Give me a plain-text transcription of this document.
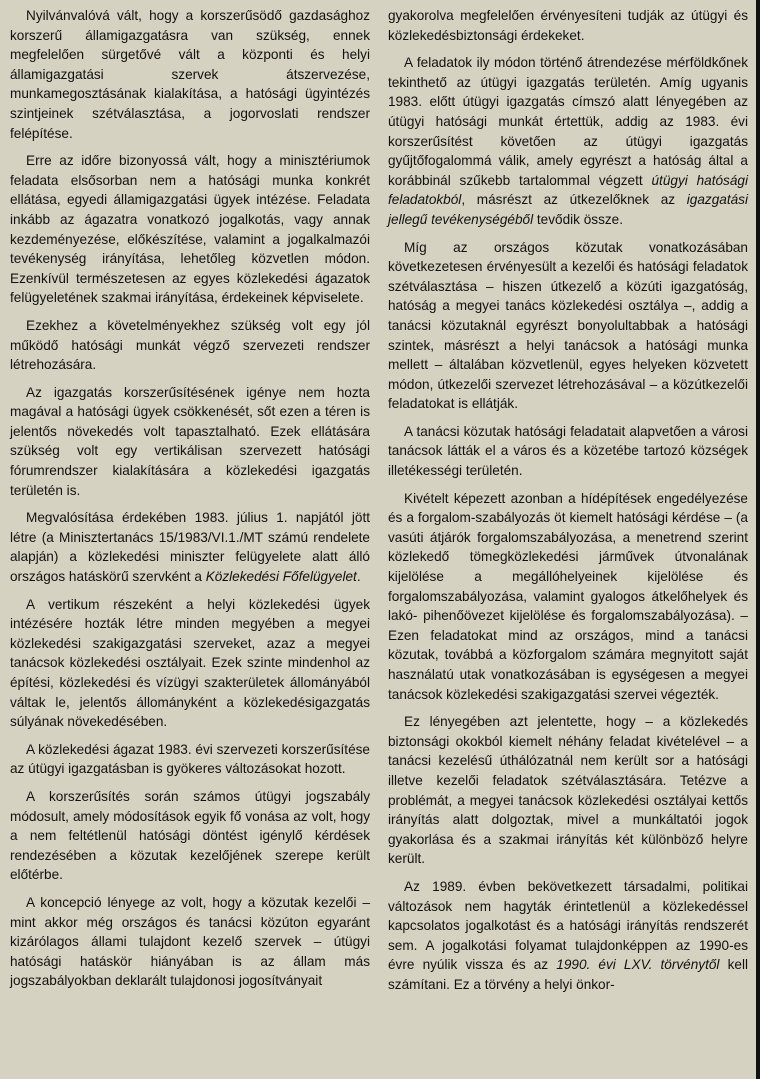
Nyilvánvalóvá vált, hogy a korszerűsödő gazdasághoz korszerű államigazgatásra van szükség, ennek megfelelően sürgetővé vált a központi és helyi államigazgatási szervek átszervezése, munkamegosztásának kialakítása, a hatósági ügyintézés szintjeinek szétválasztása, a jogorvoslati rendszer felépítése.

Erre az időre bizonyossá vált, hogy a minisztériumok feladata elsősorban nem a hatósági munka konkrét ellátása, egyedi államigazgatási ügyek intézése. Feladata inkább az ágazatra vonatkozó jogalkotás, vagy annak kezdeményezése, előkészítése, valamint a jogalkalmazói tevékenység irányítása, lehetőleg közvetlen módon. Ezenkívül természetesen az egyes közlekedési ágazatok felügyeletének szakmai irányítása, érdekeinek képviselete.

Ezekhez a követelményekhez szükség volt egy jól működő hatósági munkát végző szervezeti rendszer létrehozására.

Az igazgatás korszerűsítésének igénye nem hozta magával a hatósági ügyek csökkenését, sőt ezen a téren is jelentős növekedés volt tapasztalható. Ezek ellátására szükség volt egy vertikálisan szervezett hatósági fórumrendszer kialakítására a közlekedési igazgatás területén is.

Megvalósítása érdekében 1983. július 1. napjától jött létre (a Minisztertanács 15/1983/VI.1./MT számú rendelete alapján) a közlekedési miniszter felügyelete alatt álló országos hatáskörű szervként a Közlekedési Főfelügyelet.

A vertikum részeként a helyi közlekedési ügyek intézésére hozták létre minden megyében a megyei közlekedési szakigazgatási szerveket, azaz a megyei tanácsok közlekedési osztályait. Ezek szinte mindenhol az építési, közlekedési és vízügyi szakterületek állományából váltak le, jelentős állományként a közlekedésigazgatás súlyának növekedésében.

A közlekedési ágazat 1983. évi szervezeti korszerűsítése az útügyi igazgatásban is gyökeres változásokat hozott.

A korszerűsítés során számos útügyi jogszabály módosult, amely módosítások egyik fő vonása az volt, hogy a nem feltétlenül hatósági döntést igénylő kérdések rendezésében a közutak kezelőjének szerepe került előtérbe.

A koncepció lényege az volt, hogy a közutak kezelői – mint akkor még országos és tanácsi közúton egyaránt kizárólagos állami tulajdont kezelő szervek – útügyi hatósági hatáskör hiányában is az állam más jogszabályokban deklarált tulajdonosi jogosítványait

gyakorolva megfelelően érvényesíteni tudják az útügyi és közlekedésbiztonsági érdekeket.

A feladatok ily módon történő átrendezése mérföldkőnek tekinthető az útügyi igazgatás területén. Amíg ugyanis 1983. előtt útügyi igazgatás címszó alatt lényegében az útügyi hatósági munkát értettük, addig az 1983. évi korszerűsítést követően az útügyi igazgatás gyűjtőfogalommá válik, amely egyrészt a hatóság által a korábbinál szűkebb tartalommal végzett útügyi hatósági feladatokból, másrészt az útkezelőknek az igazgatási jellegű tevékenységéből tevődik össze.

Míg az országos közutak vonatkozásában következetesen érvényesült a kezelői és hatósági feladatok szétválasztása – hiszen útkezelő a közúti igazgatóság, hatóság a megyei tanács közlekedési osztálya –, addig a tanácsi közutaknál egyrészt bonyolultabbak a hatósági szintek, másrészt a helyi tanácsok a hatósági munka mellett – általában közvetlenül, egyes helyeken közvetett módon, útkezelői szervezet létrehozásával – a közútkezelői feladatokat is ellátják.

A tanácsi közutak hatósági feladatait alapvetően a városi tanácsok látták el a város és a közetébe tartozó községek illetékességi területén.

Kivételt képezett azonban a hídépítések engedélyezése és a forgalom-szabályozás öt kiemelt hatósági kérdése – (a vasúti átjárók forgalomszabályozása, a menetrend szerint közlekedő tömegközlekedési járművek útvonalának kijelölése a megállóhelyeinek kijelölése és forgalomszabályozása, valamint gyalogos átkelőhelyek és lakó- pihenőövezet kijelölése és forgalomszabályozása). – Ezen feladatokat mind az országos, mind a tanácsi közutak, továbbá a közforgalom számára megnyitott saját használatú utak vonatkozásában is egységesen a megyei tanácsok közlekedési szakigazgatási szervei végezték.

Ez lényegében azt jelentette, hogy – a közlekedés biztonsági okokból kiemelt néhány feladat kivételével – a tanácsi kezelésű úthálózatnál nem került sor a hatósági illetve kezelői feladatok szétválasztására. Tetézve a problémát, a megyei tanácsok közlekedési osztályai kettős irányítás alatt dolgoztak, mivel a munkáltatói jogok gyakorlása és a szakmai irányítás két különböző helyre került.

Az 1989. évben bekövetkezett társadalmi, politikai változások nem hagyták érintetlenül a közlekedéssel kapcsolatos jogalkotást és a hatósági irányítás rendszerét sem. A jogalkotási folyamat tulajdonképpen az 1990-es évre nyúlik vissza és az 1990. évi LXV. törvénytől kell számítani. Ez a törvény a helyi önkor-
